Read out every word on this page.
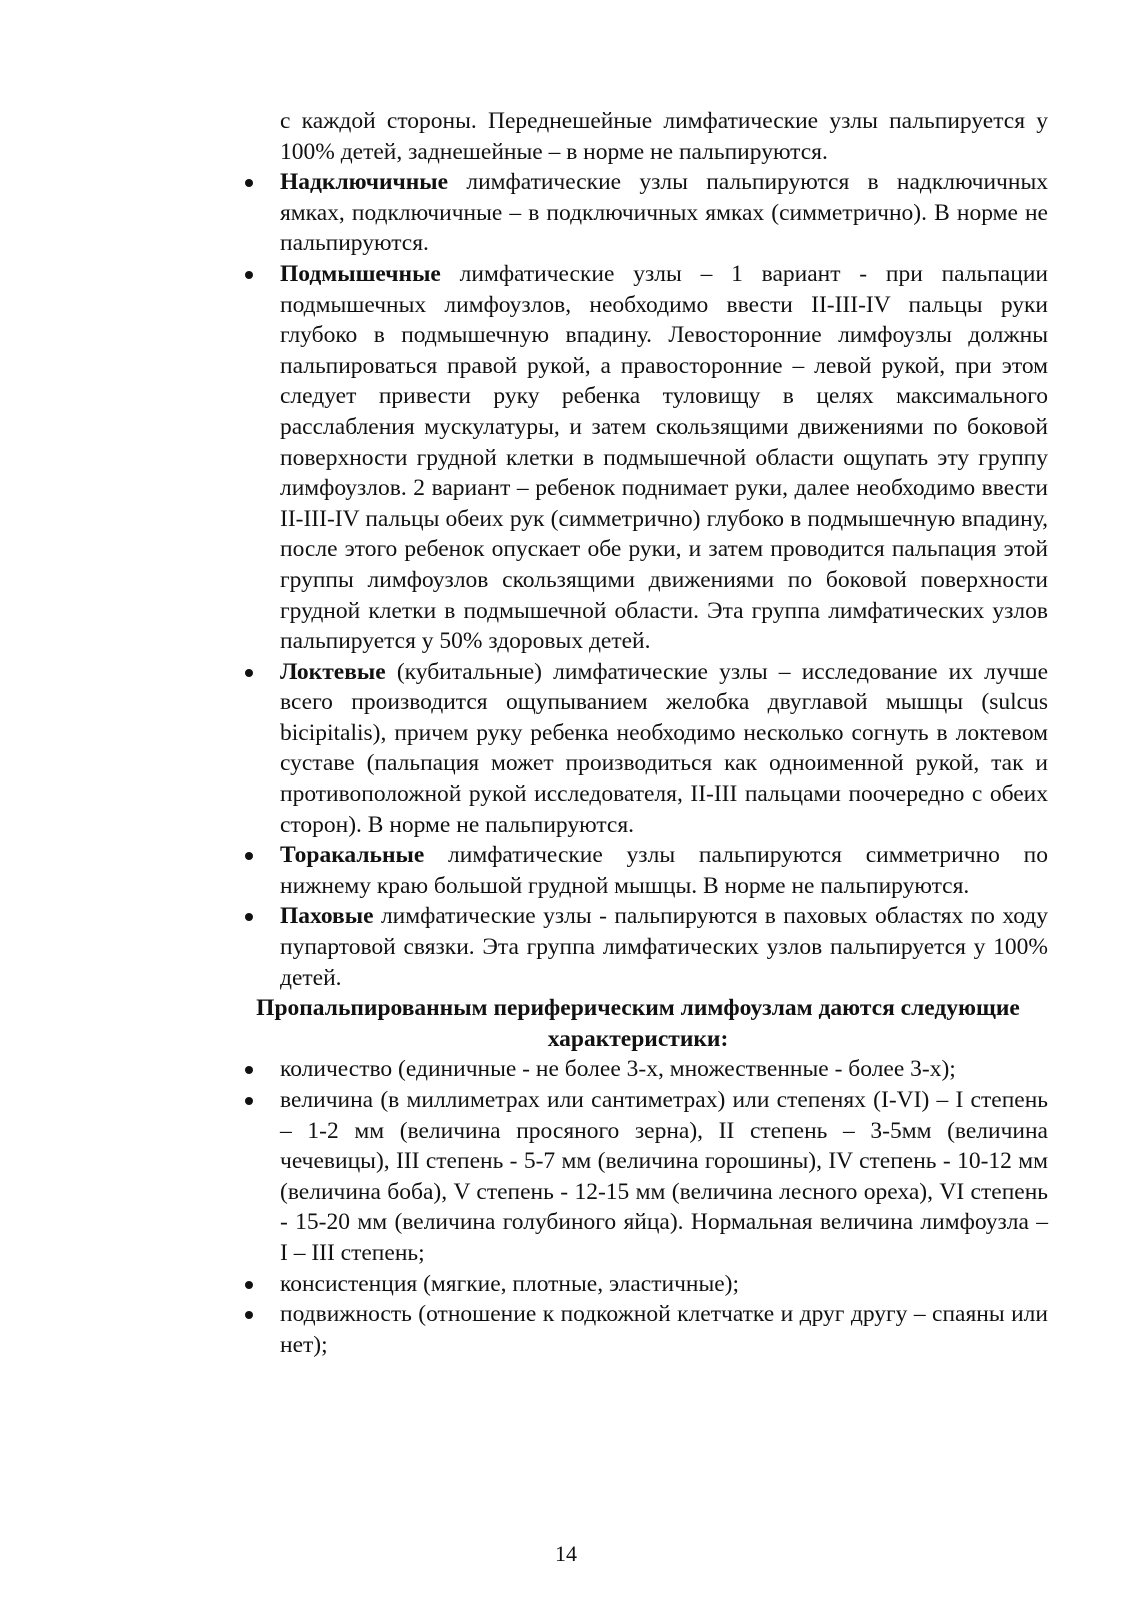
с каждой стороны. Переднешейные лимфатические узлы пальпируется у 100% детей, заднешейные – в норме не пальпируются.

Надключичные лимфатические узлы пальпируются в надключичных ямках, подключичные – в подключичных ямках (симметрично). В норме не пальпируются.
Подмышечные лимфатические узлы – 1 вариант - при пальпации подмышечных лимфоузлов, необходимо ввести II-III-IV пальцы руки глубоко в подмышечную впадину. Левосторонние лимфоузлы должны пальпироваться правой рукой, а правосторонние – левой рукой, при этом следует привести руку ребенка туловищу в целях максимального расслабления мускулатуры, и затем скользящими движениями по боковой поверхности грудной клетки в подмышечной области ощупать эту группу лимфоузлов. 2 вариант – ребенок поднимает руки, далее необходимо ввести II-III-IV пальцы обеих рук (симметрично) глубоко в подмышечную впадину, после этого ребенок опускает обе руки, и затем проводится пальпация этой группы лимфоузлов скользящими движениями по боковой поверхности грудной клетки в подмышечной области. Эта группа лимфатических узлов пальпируется у 50% здоровых детей.
Локтевые (кубитальные) лимфатические узлы – исследование их лучше всего производится ощупыванием желобка двуглавой мышцы (sulcus bicipitalis), причем руку ребенка необходимо несколько согнуть в локтевом суставе (пальпация может производиться как одноименной рукой, так и противоположной рукой исследователя, II-III пальцами поочередно с обеих сторон). В норме не пальпируются.
Торакальные лимфатические узлы пальпируются симметрично по нижнему краю большой грудной мышцы. В норме не пальпируются.
Паховые лимфатические узлы - пальпируются в паховых областях по ходу пупартовой связки. Эта группа лимфатических узлов пальпируется у 100% детей.

Пропальпированным периферическим лимфоузлам даются следующие характеристики:

количество (единичные - не более 3-х, множественные - более 3-х);
величина (в миллиметрах или сантиметрах) или степенях (I-VI) – I степень – 1-2 мм (величина просяного зерна), II степень – 3-5мм (величина чечевицы), III степень - 5-7 мм (величина горошины), IV степень - 10-12 мм (величина боба), V степень - 12-15 мм (величина лесного ореха), VI степень - 15-20 мм (величина голубиного яйца). Нормальная величина лимфоузла – I – III степень;
консистенция (мягкие, плотные, эластичные);
подвижность (отношение к подкожной клетчатке и друг другу – спаяны или нет);
14
